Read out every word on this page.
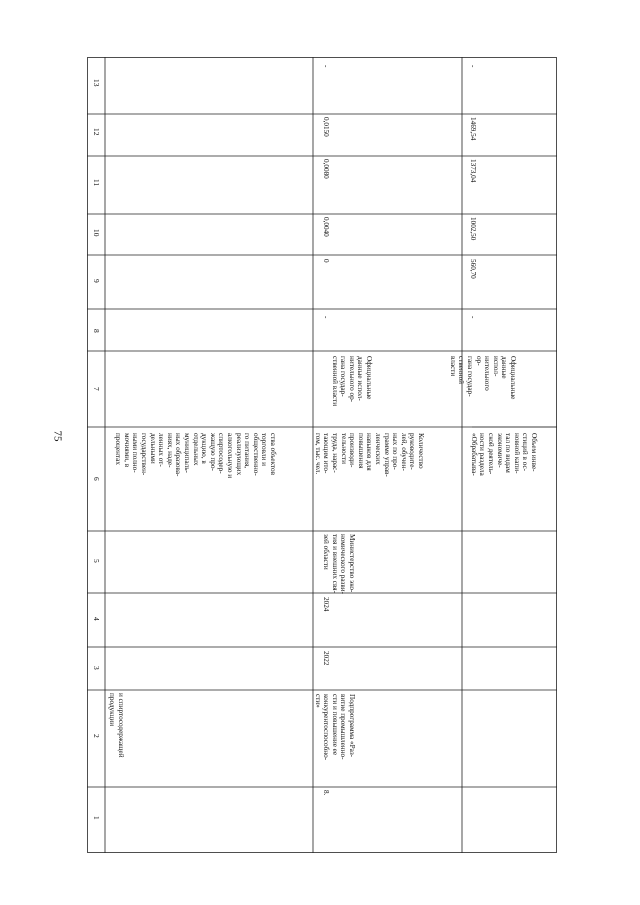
75
13
12
11
10
9
8
7
6
5
4
3
2
1
и спиртосодержащей
продукции
ства объектов
торговли и
общественно-
го питания,
реализующих
алкогольную и
спиртосодер-
жащую про-
дукцию, в
отдельных
муниципаль-
ных образова-
ниях, наде-
ленных от-
дельными
государствен-
ными полно-
мочиями, в
процентах
8.
Подпрограмма «Раз-
витие промышленно-
сти и повышение ее
конкурентоспособно-
сти»
2022
2024
Министерство эко-
номического разви-
тия и внешних свя-
зей области
Количество
руководите-
лей, обучен-
ных по про-
грамме управ-
ленческих
навыков для
повышения
производи-
тельности
труда, нарас-
тающим ито-
гом, тыс. чел.
Официальные
данные испол-
нительного ор-
гана государ-
ственной власти
-
0
0,0040
0,0080
0,0150
-
Объем инве-
стиций в ос-
новной капи-
тал по видам
экономиче-
ской деятель-
ности раздела
«Обрабатыва-
Официальные
данные испол-
нительного ор-
гана государ-
ственной власти
-
560,70
1002,50
1373,04
1469,54
-
